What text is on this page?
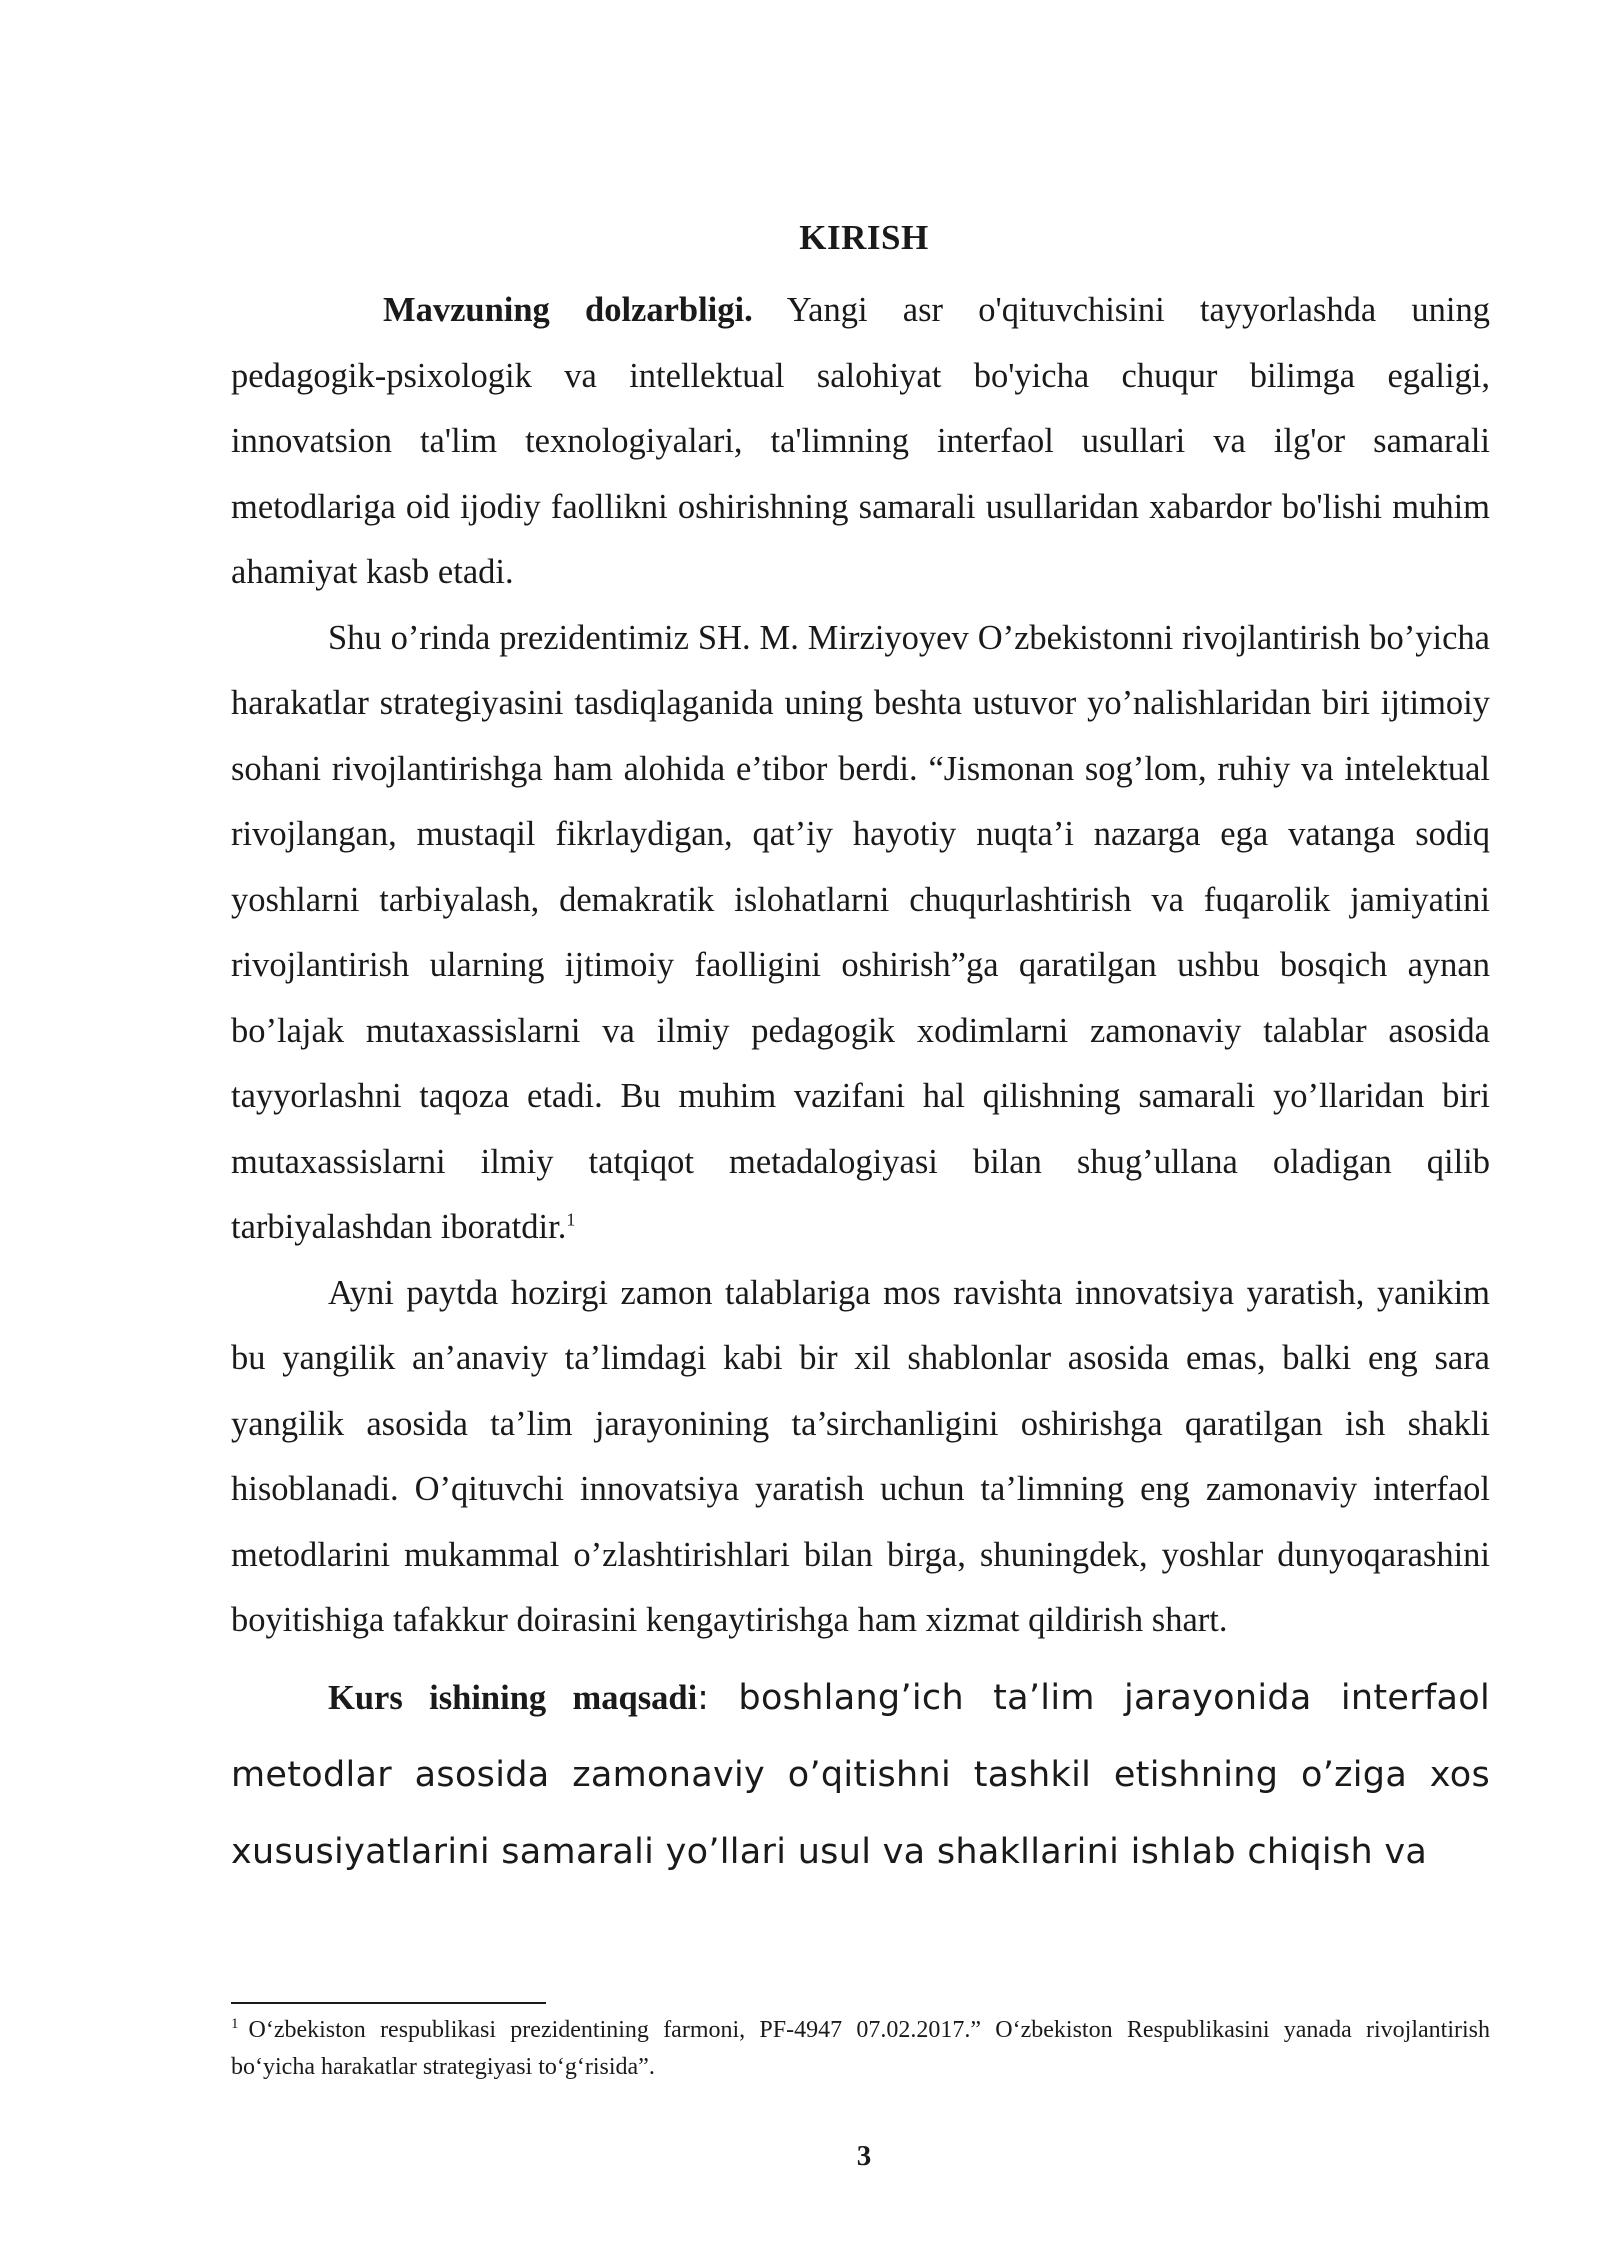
KIRISH

Mavzuning dolzarbligi. Yangi asr o'qituvchisini tayyorlashda uning pedagogik-psixologik va intellektual salohiyat bo'yicha chuqur bilimga egaligi, innovatsion ta'lim texnologiyalari, ta'limning interfaol usullari va ilg'or samarali metodlariga oid ijodiy faollikni oshirishning samarali usullaridan xabardor bo'lishi muhim ahamiyat kasb etadi.

Shu o’rinda prezidentimiz SH. M. Mirziyoyev O’zbekistonni rivojlantirish bo’yicha harakatlar strategiyasini tasdiqlaganida uning beshta ustuvor yo’nalishlaridan biri ijtimoiy sohani rivojlantirishga ham alohida e’tibor berdi. “Jismonan sog’lom, ruhiy va intelektual rivojlangan, mustaqil fikrlaydigan, qat’iy hayotiy nuqta’i nazarga ega vatanga sodiq yoshlarni tarbiyalash, demakratik islohatlarni chuqurlashtirish va fuqarolik jamiyatini rivojlantirish ularning ijtimoiy faolligini oshirish”ga qaratilgan ushbu bosqich aynan bo’lajak mutaxassislarni va ilmiy pedagogik xodimlarni zamonaviy talablar asosida tayyorlashni taqoza etadi. Bu muhim vazifani hal qilishning samarali yo’llaridan biri mutaxassislarni ilmiy tatqiqot metadalogiyasi bilan shug’ullana oladigan qilib tarbiyalashdan iboratdir.$^1$

Ayni paytda hozirgi zamon talablariga mos ravishta innovatsiya yaratish, yanikim bu yangilik an’anaviy ta’limdagi kabi bir xil shablonlar asosida emas, balki eng sara yangilik asosida ta’lim jarayonining ta’sirchanligini oshirishga qaratilgan ish shakli hisoblanadi. O’qituvchi innovatsiya yaratish uchun ta’limning eng zamonaviy interfaol metodlarini mukammal o’zlashtirishlari bilan birga, shuningdek, yoshlar dunyoqarashini boyitishiga tafakkur doirasini kengaytirishga ham xizmat qildirish shart.

Kurs ishining maqsadi: boshlang’ich ta’lim jarayonida interfaol metodlar asosida zamonaviy o’qitishni tashkil etishning o’ziga xos xususiyatlarini samarali yo’llari usul va shakllarini ishlab chiqish va

$^1$ O‘zbekiston respublikasi prezidentining farmoni, PF-4947 07.02.2017.” O‘zbekiston Respublikasini yanada rivojlantirish bo‘yicha harakatlar strategiyasi to‘g‘risida”.
3
